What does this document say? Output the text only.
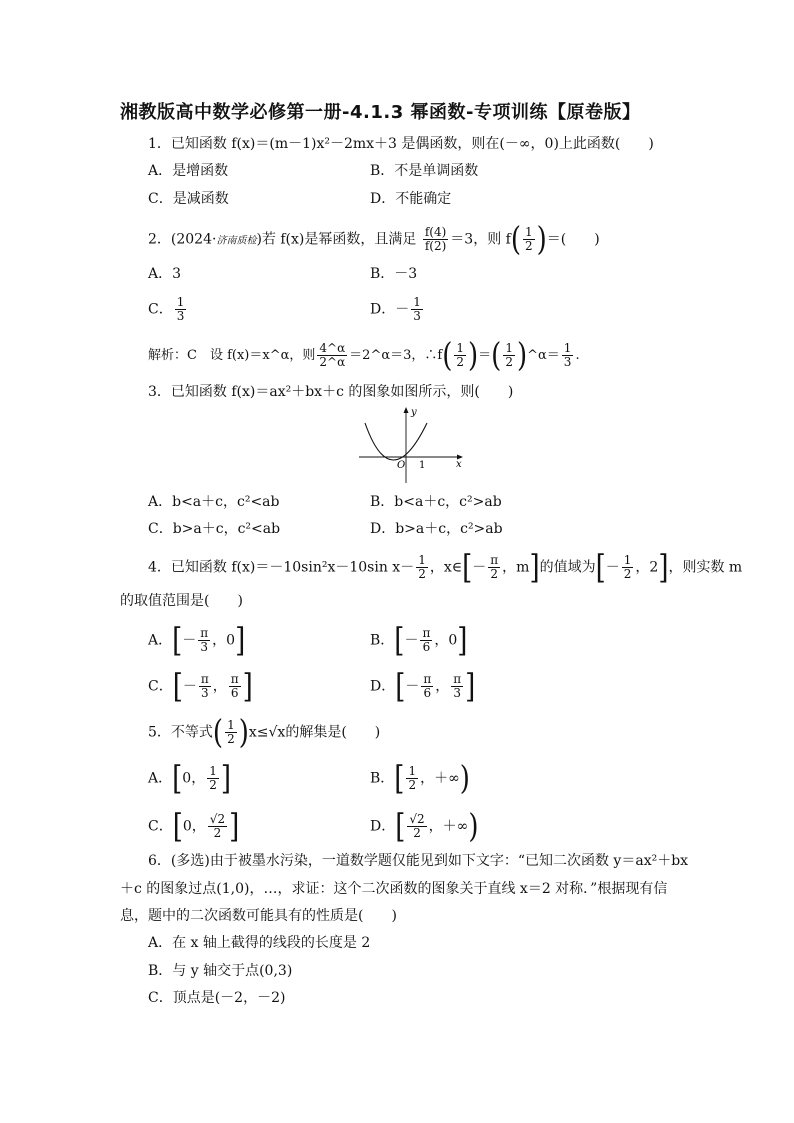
湘教版高中数学必修第一册-4.1.3 幂函数-专项训练【原卷版】
1．已知函数 f(x)＝(m－1)x²－2mx＋3 是偶函数，则在(－∞，0)上此函数(　　)
A．是增函数	B．不是单调函数
C．是减函数	D．不能确定
2．(2024·济南质检)若 f(x)是幂函数，且满足 $\frac{f(4)}{f(2)} =3$，则 $f( \frac{1}{2}$ )＝(　　)
A．3	B．－3
C． $\frac{1}{3}$	D．－ $\frac{1}{3}$
解析：C　设 f(x)＝x^α，则 $\frac{4\^{}\alpha}{2\^{}\alpha}$ ＝2^α＝3，∴f( $\frac{1}{2}$ )＝( $\frac{1}{2}$ )^α＝ $\frac{1}{3}$ .
3．已知函数 f(x)＝ax²＋bx＋c 的图象如图所示，则(　　)
y
x
O 1
A．b<a＋c，c²<ab	B．b<a＋c，c²>ab
C．b>a＋c，c²<ab	D．b>a＋c，c²>ab
4．已知函数 f(x)＝－10sin²x－10sin $x- \frac{1}{2}$ ，x∈[－ $\frac{\pi}{2}$ ，m]的值域为[－ $\frac{1}{2}$ ，2]，则实数 m
的取值范围是(　　)
A．[－ $\frac{\pi}{3}$ ，0]	B．[－ $\frac{\pi}{6}$ ，0]
C．[－ $\frac{\pi}{3}$ ， $\frac{\pi}{6}$ ]	D．[－ $\frac{\pi}{6}$ ， $\frac{\pi}{3}$ ]
5．不等式( $\frac{1}{2} )x\le√x$的解集是(　　)
A．[0， $\frac{1}{2}$ ]	B．[ $\frac{1}{2}$ ，＋∞)
C．[0， $\frac{√2}{2}$ ]	D．[ $\frac{√2}{2}$ ，＋∞)
6．(多选)由于被墨水污染，一道数学题仅能见到如下文字：“已知二次函数 y＝ax²＋bx
＋c 的图象过点(1,0)，…，求证：这个二次函数的图象关于直线 x＝2 对称．”根据现有信
息，题中的二次函数可能具有的性质是(　　)
A．在 x 轴上截得的线段的长度是 2
B．与 y 轴交于点(0,3)
C．顶点是(－2，－2)
